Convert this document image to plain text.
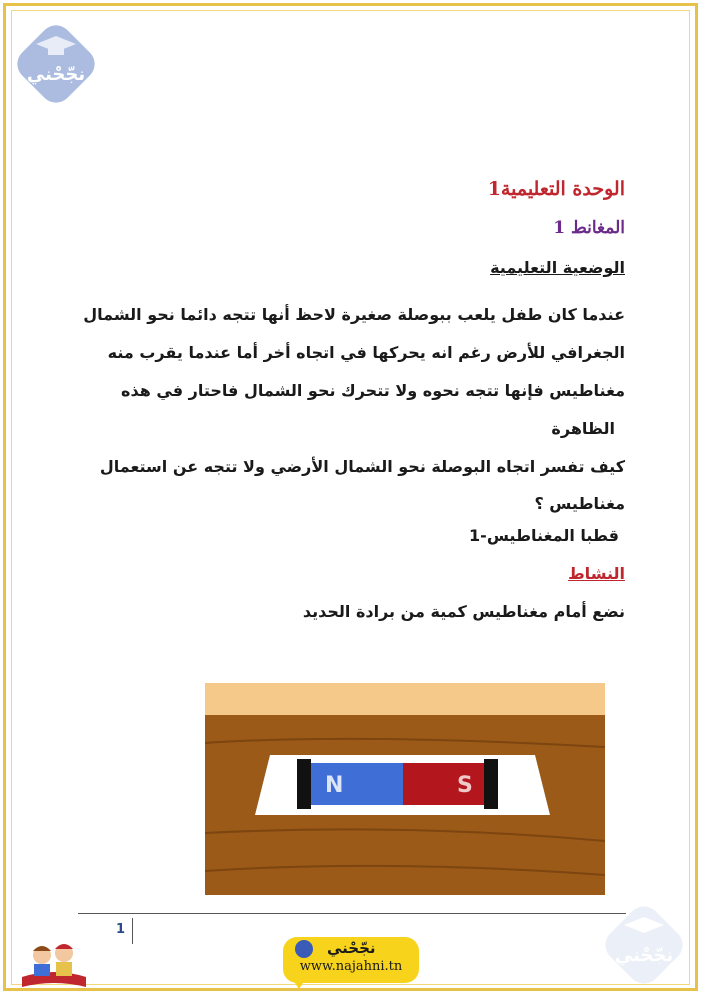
نجّحْني
الوحدة التعليمية1
المغانط 1
الوضعية التعليمية
عندما كان طفل يلعب ببوصلة صغيرة لاحظ أنها تتجه دائما نحو الشمال
الجغرافي للأرض رغم انه يحركها في اتجاه أخر أما عندما يقرب منه
مغناطيس فإنها تتجه نحوه ولا تتحرك نحو الشمال فاحتار في هذه
الظاهرة
كيف تفسر اتجاه البوصلة نحو الشمال الأرضي ولا تتجه عن استعمال
مغناطيس ؟
قطبا المغناطيس-1
النشاط
نضع أمام مغناطيس كمية من برادة الحديد
N	S
1
نجّحْني
www.najahni.tn
نجّحْني
